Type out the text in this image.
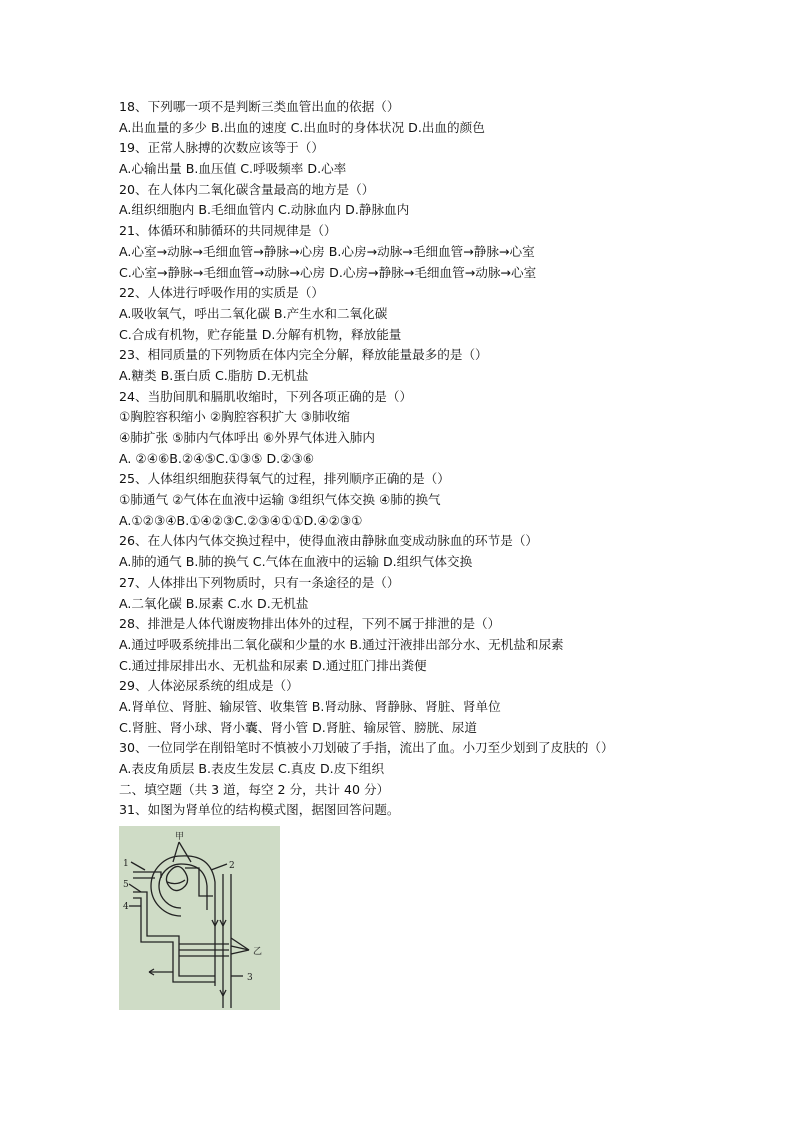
18、下列哪一项不是判断三类血管出血的依据（）
A.出血量的多少 B.出血的速度 C.出血时的身体状况 D.出血的颜色
19、正常人脉搏的次数应该等于（）
A.心输出量 B.血压值 C.呼吸频率 D.心率
20、在人体内二氧化碳含量最高的地方是（）
A.组织细胞内 B.毛细血管内 C.动脉血内 D.静脉血内
21、体循环和肺循环的共同规律是（）
A.心室→动脉→毛细血管→静脉→心房 B.心房→动脉→毛细血管→静脉→心室
C.心室→静脉→毛细血管→动脉→心房 D.心房→静脉→毛细血管→动脉→心室
22、人体进行呼吸作用的实质是（）
A.吸收氧气，呼出二氧化碳 B.产生水和二氧化碳
C.合成有机物，贮存能量 D.分解有机物，释放能量
23、相同质量的下列物质在体内完全分解，释放能量最多的是（）
A.糖类 B.蛋白质 C.脂肪 D.无机盐
24、当肋间肌和膈肌收缩时，下列各项正确的是（）
①胸腔容积缩小 ②胸腔容积扩大 ③肺收缩
④肺扩张 ⑤肺内气体呼出 ⑥外界气体进入肺内
A. ②④⑥B.②④⑤C.①③⑤ D.②③⑥
25、人体组织细胞获得氧气的过程，排列顺序正确的是（）
①肺通气 ②气体在血液中运输 ③组织气体交换 ④肺的换气
A.①②③④B.①④②③C.②③④①①D.④②③①
26、在人体内气体交换过程中，使得血液由静脉血变成动脉血的环节是（）
A.肺的通气 B.肺的换气 C.气体在血液中的运输 D.组织气体交换
27、人体排出下列物质时，只有一条途径的是（）
A.二氧化碳 B.尿素 C.水 D.无机盐
28、排泄是人体代谢废物排出体外的过程，下列不属于排泄的是（）
A.通过呼吸系统排出二氧化碳和少量的水 B.通过汗液排出部分水、无机盐和尿素
C.通过排尿排出水、无机盐和尿素 D.通过肛门排出粪便
29、人体泌尿系统的组成是（）
A.肾单位、肾脏、输尿管、收集管 B.肾动脉、肾静脉、肾脏、肾单位
C.肾脏、肾小球、肾小囊、肾小管 D.肾脏、输尿管、膀胱、尿道
30、一位同学在削铅笔时不慎被小刀划破了手指，流出了血。小刀至少划到了皮肤的（）
A.表皮角质层 B.表皮生发层 C.真皮 D.皮下组织
二、填空题（共 3 道，每空 2 分，共计 40 分）
31、如图为肾单位的结构模式图，据图回答问题。
1	2
3
4
5
甲
乙
